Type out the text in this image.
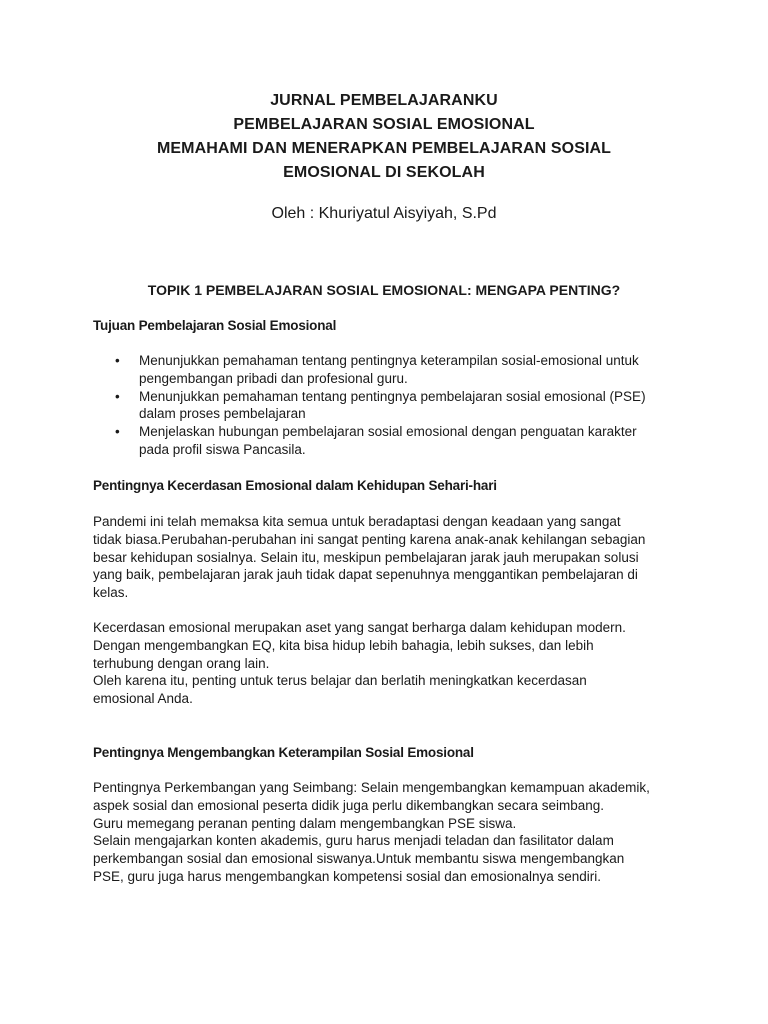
JURNAL PEMBELAJARANKU
PEMBELAJARAN SOSIAL EMOSIONAL
MEMAHAMI DAN MENERAPKAN PEMBELAJARAN SOSIAL
EMOSIONAL DI SEKOLAH
Oleh : Khuriyatul Aisyiyah, S.Pd
TOPIK 1 PEMBELAJARAN SOSIAL EMOSIONAL: MENGAPA PENTING?
Tujuan Pembelajaran Sosial Emosional
• Menunjukkan pemahaman tentang pentingnya keterampilan sosial-emosional untuk
pengembangan pribadi dan profesional guru.
• Menunjukkan pemahaman tentang pentingnya pembelajaran sosial emosional (PSE)
dalam proses pembelajaran
• Menjelaskan hubungan pembelajaran sosial emosional dengan penguatan karakter
pada profil siswa Pancasila.
Pentingnya Kecerdasan Emosional dalam Kehidupan Sehari-hari

Pandemi ini telah memaksa kita semua untuk beradaptasi dengan keadaan yang sangat
tidak biasa.Perubahan-perubahan ini sangat penting karena anak-anak kehilangan sebagian
besar kehidupan sosialnya. Selain itu, meskipun pembelajaran jarak jauh merupakan solusi
yang baik, pembelajaran jarak jauh tidak dapat sepenuhnya menggantikan pembelajaran di
kelas.

Kecerdasan emosional merupakan aset yang sangat berharga dalam kehidupan modern.
Dengan mengembangkan EQ, kita bisa hidup lebih bahagia, lebih sukses, dan lebih
terhubung dengan orang lain.
Oleh karena itu, penting untuk terus belajar dan berlatih meningkatkan kecerdasan
emosional Anda.

Pentingnya Mengembangkan Keterampilan Sosial Emosional

Pentingnya Perkembangan yang Seimbang: Selain mengembangkan kemampuan akademik,
aspek sosial dan emosional peserta didik juga perlu dikembangkan secara seimbang.
Guru memegang peranan penting dalam mengembangkan PSE siswa.
Selain mengajarkan konten akademis, guru harus menjadi teladan dan fasilitator dalam
perkembangan sosial dan emosional siswanya.Untuk membantu siswa mengembangkan
PSE, guru juga harus mengembangkan kompetensi sosial dan emosionalnya sendiri.
